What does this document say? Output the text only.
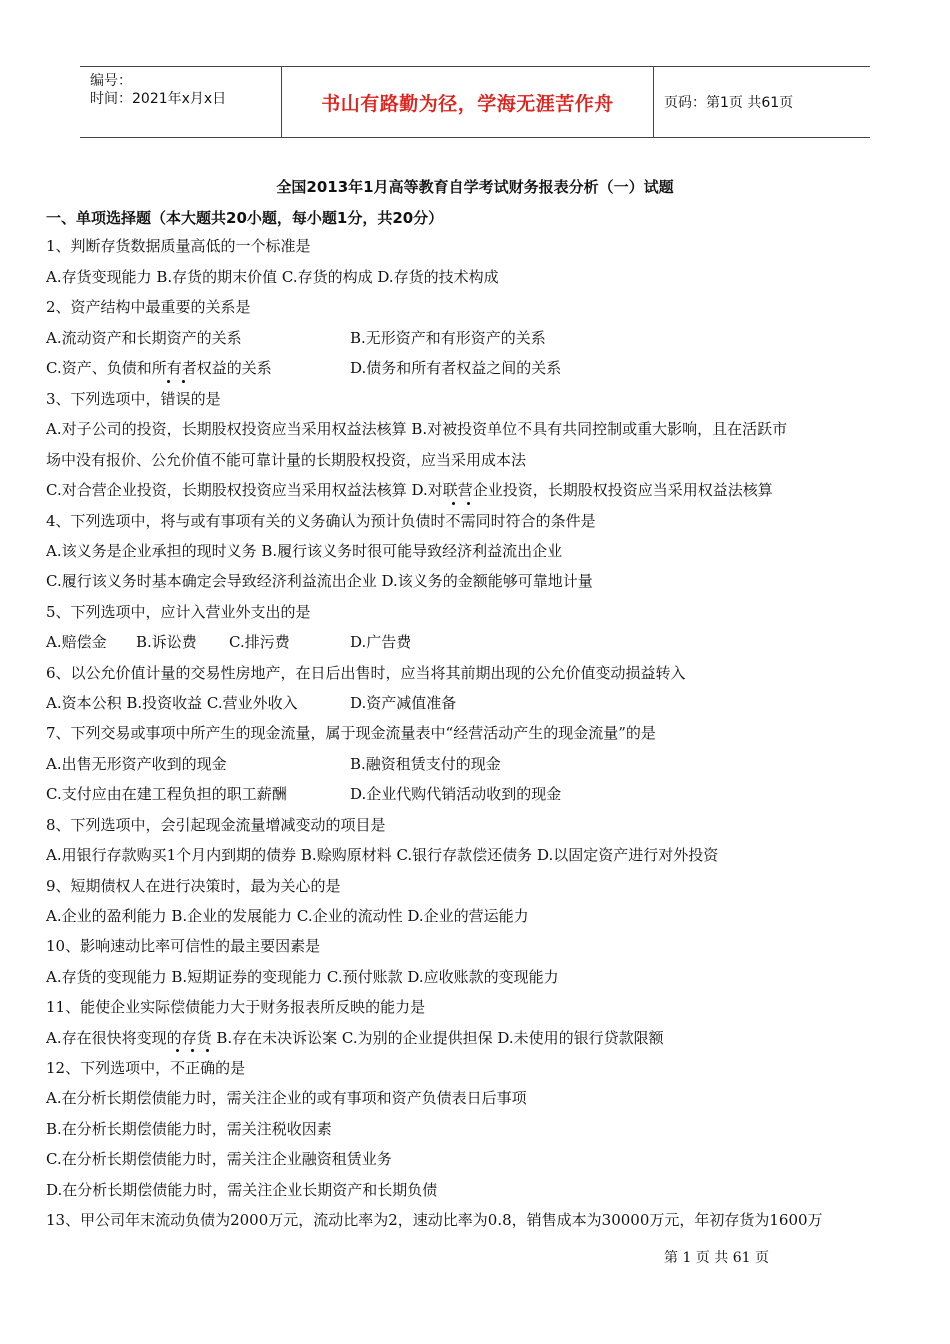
编号：
时间：2021年x月x日	书山有路勤为径，学海无涯苦作舟	页码：第1页 共61页
全国2013年1月高等教育自学考试财务报表分析（一）试题
一、单项选择题（本大题共20小题，每小题1分，共20分）
1、判断存货数据质量高低的一个标准是
A.存货变现能力 B.存货的期末价值 C.存货的构成 D.存货的技术构成
2、资产结构中最重要的关系是
A.流动资产和长期资产的关系	B.无形资产和有形资产的关系
C.资产、负债和所有者权益的关系	D.债务和所有者权益之间的关系
3、下列选项中，
错
误的是
A.对子公司的投资，长期股权投资应当采用权益法核算 B.对被投资单位不具有共同控制或重大影响，且在活跃市
场中没有报价、公允价值不能可靠计量的长期股权投资，应当采用成本法
C.对合营企业投资，长期股权投资应当采用权益法核算 D.对联营企业投资，长期股权投资应当采用权益法核算
4、下列选项中，将与或有事项有关的义务确认为预计负债时
不
需同时符合的条件是
A.该义务是企业承担的现时义务 B.履行该义务时很可能导致经济利益流出企业
C.履行该义务时基本确定会导致经济利益流出企业 D.该义务的金额能够可靠地计量
5、下列选项中，应计入营业外支出的是
A.赔偿金 B.诉讼费 C.排污费	D.广告费
6、以公允价值计量的交易性房地产，在日后出售时，应当将其前期出现的公允价值变动损益转入
A.资本公积 B.投资收益 C.营业外收入	D.资产减值准备
7、下列交易或事项中所产生的现金流量，属于现金流量表中“经营活动产生的现金流量”的是
A.出售无形资产收到的现金	B.融资租赁支付的现金
C.支付应由在建工程负担的职工薪酬	D.企业代购代销活动收到的现金
8、下列选项中，会引起现金流量增减变动的项目是
A.用银行存款购买1个月内到期的债券 B.赊购原材料 C.银行存款偿还债务 D.以固定资产进行对外投资
9、短期债权人在进行决策时，最为关心的是
A.企业的盈利能力 B.企业的发展能力 C.企业的流动性 D.企业的营运能力
10、影响速动比率可信性的最主要因素是
A.存货的变现能力 B.短期证券的变现能力 C.预付账款 D.应收账款的变现能力
11、能使企业实际偿债能力大于财务报表所反映的能力是
A.存在很快将变现的存货 B.存在未决诉讼案 C.为别的企业提供担保 D.未使用的银行贷款限额
12、下列选项中，
不
正
确的是
A.在分析长期偿债能力时，需关注企业的或有事项和资产负债表日后事项
B.在分析长期偿债能力时，需关注税收因素
C.在分析长期偿债能力时，需关注企业融资租赁业务
D.在分析长期偿债能力时，需关注企业长期资产和长期负债
13、甲公司年末流动负债为2000万元，流动比率为2，速动比率为0.8，销售成本为30000万元，年初存货为1600万
第 1 页 共 61 页
